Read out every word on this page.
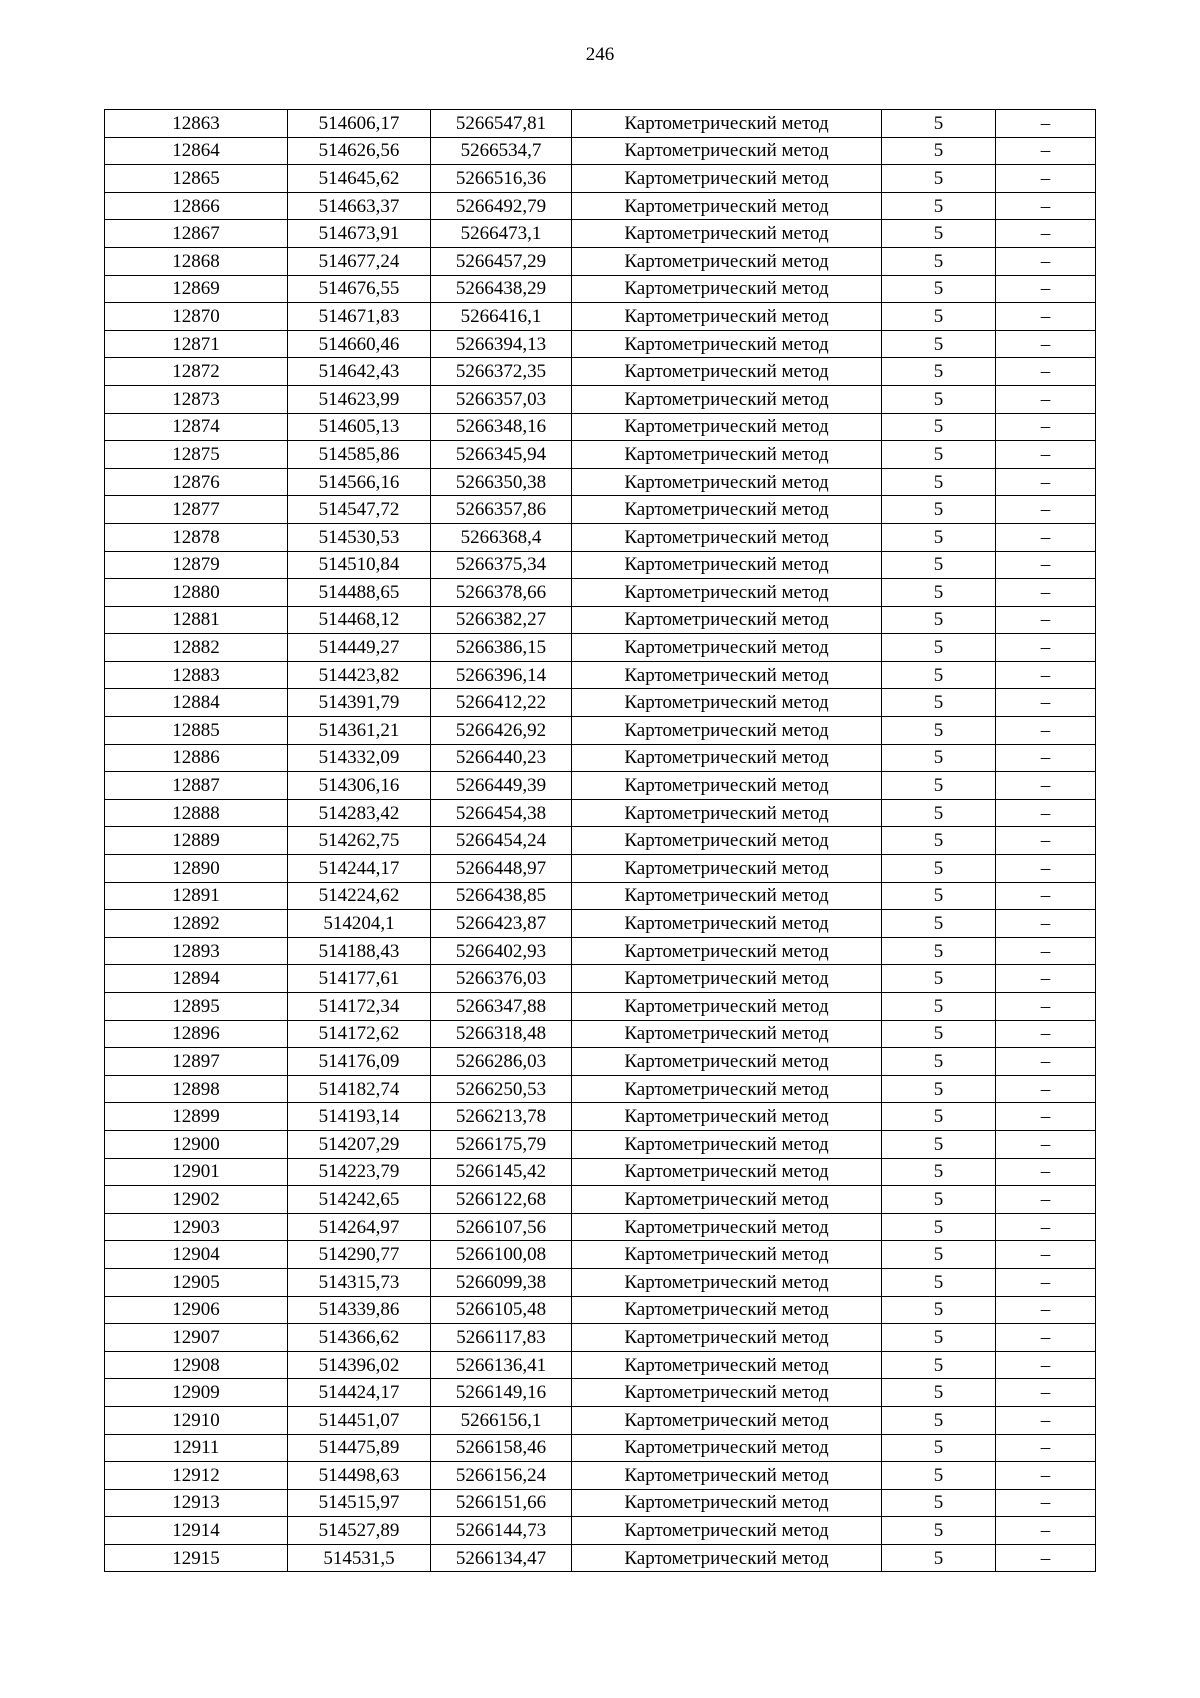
246
12863	514606,17	5266547,81	Картометрический метод	5	–
12864	514626,56	5266534,7	Картометрический метод	5	–
12865	514645,62	5266516,36	Картометрический метод	5	–
12866	514663,37	5266492,79	Картометрический метод	5	–
12867	514673,91	5266473,1	Картометрический метод	5	–
12868	514677,24	5266457,29	Картометрический метод	5	–
12869	514676,55	5266438,29	Картометрический метод	5	–
12870	514671,83	5266416,1	Картометрический метод	5	–
12871	514660,46	5266394,13	Картометрический метод	5	–
12872	514642,43	5266372,35	Картометрический метод	5	–
12873	514623,99	5266357,03	Картометрический метод	5	–
12874	514605,13	5266348,16	Картометрический метод	5	–
12875	514585,86	5266345,94	Картометрический метод	5	–
12876	514566,16	5266350,38	Картометрический метод	5	–
12877	514547,72	5266357,86	Картометрический метод	5	–
12878	514530,53	5266368,4	Картометрический метод	5	–
12879	514510,84	5266375,34	Картометрический метод	5	–
12880	514488,65	5266378,66	Картометрический метод	5	–
12881	514468,12	5266382,27	Картометрический метод	5	–
12882	514449,27	5266386,15	Картометрический метод	5	–
12883	514423,82	5266396,14	Картометрический метод	5	–
12884	514391,79	5266412,22	Картометрический метод	5	–
12885	514361,21	5266426,92	Картометрический метод	5	–
12886	514332,09	5266440,23	Картометрический метод	5	–
12887	514306,16	5266449,39	Картометрический метод	5	–
12888	514283,42	5266454,38	Картометрический метод	5	–
12889	514262,75	5266454,24	Картометрический метод	5	–
12890	514244,17	5266448,97	Картометрический метод	5	–
12891	514224,62	5266438,85	Картометрический метод	5	–
12892	514204,1	5266423,87	Картометрический метод	5	–
12893	514188,43	5266402,93	Картометрический метод	5	–
12894	514177,61	5266376,03	Картометрический метод	5	–
12895	514172,34	5266347,88	Картометрический метод	5	–
12896	514172,62	5266318,48	Картометрический метод	5	–
12897	514176,09	5266286,03	Картометрический метод	5	–
12898	514182,74	5266250,53	Картометрический метод	5	–
12899	514193,14	5266213,78	Картометрический метод	5	–
12900	514207,29	5266175,79	Картометрический метод	5	–
12901	514223,79	5266145,42	Картометрический метод	5	–
12902	514242,65	5266122,68	Картометрический метод	5	–
12903	514264,97	5266107,56	Картометрический метод	5	–
12904	514290,77	5266100,08	Картометрический метод	5	–
12905	514315,73	5266099,38	Картометрический метод	5	–
12906	514339,86	5266105,48	Картометрический метод	5	–
12907	514366,62	5266117,83	Картометрический метод	5	–
12908	514396,02	5266136,41	Картометрический метод	5	–
12909	514424,17	5266149,16	Картометрический метод	5	–
12910	514451,07	5266156,1	Картометрический метод	5	–
12911	514475,89	5266158,46	Картометрический метод	5	–
12912	514498,63	5266156,24	Картометрический метод	5	–
12913	514515,97	5266151,66	Картометрический метод	5	–
12914	514527,89	5266144,73	Картометрический метод	5	–
12915	514531,5	5266134,47	Картометрический метод	5	–
